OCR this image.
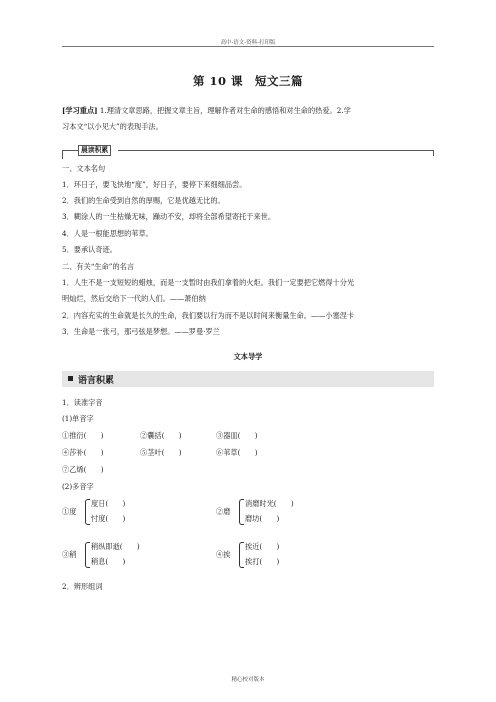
高中-语文-资料-打印版
第 10 课　短文三篇
[学习重点] 1.理清文章思路，把握文章主旨，理解作者对生命的感悟和对生命的热爱。2.学
习本文“以小见大”的表现手法。
晨读积累
一、文本名句
1．环日子，要飞快地“度”，好日子，要停下来细细品尝。
2．我们的生命受到自然的厚赐，它是优越无比的。
3．糊涂人的一生枯燥无味，躁动不安，却将全部希望寄托于来世。
4．人是一根能思想的苇草。
5．要承认奇迹。
二、有关“生命”的名言
1．人生不是一支短短的蜡烛，而是一支暂时由我们拿着的火炬。我们一定要把它燃得十分光
明灿烂，然后交给下一代的人们。——萧伯纳
2．内容充实的生命就是长久的生命，我们要以行为而不是以时间来衡量生命。——小塞涅卡
3．生命是一张弓，那弓弦是梦想。——罗曼·罗兰
文本导学
语言积累
1．读准字音
(1)单音字
①推衍(　　)	②囊括(　　)	③器皿(　　)
④莎补(　　)	⑤茎叶(　　)	⑥苇草(　　)
⑦乙烯(　　)
(2)多音字
①度
度日(　　)
忖度(　　)
②磨
消磨时光(　　)
磨坊(　　)
③稍
稍纵即逝(　　)
稍息(　　)
④挨
挨近(　　)
挨打(　　)
2．辨形组词
精心校对版本
